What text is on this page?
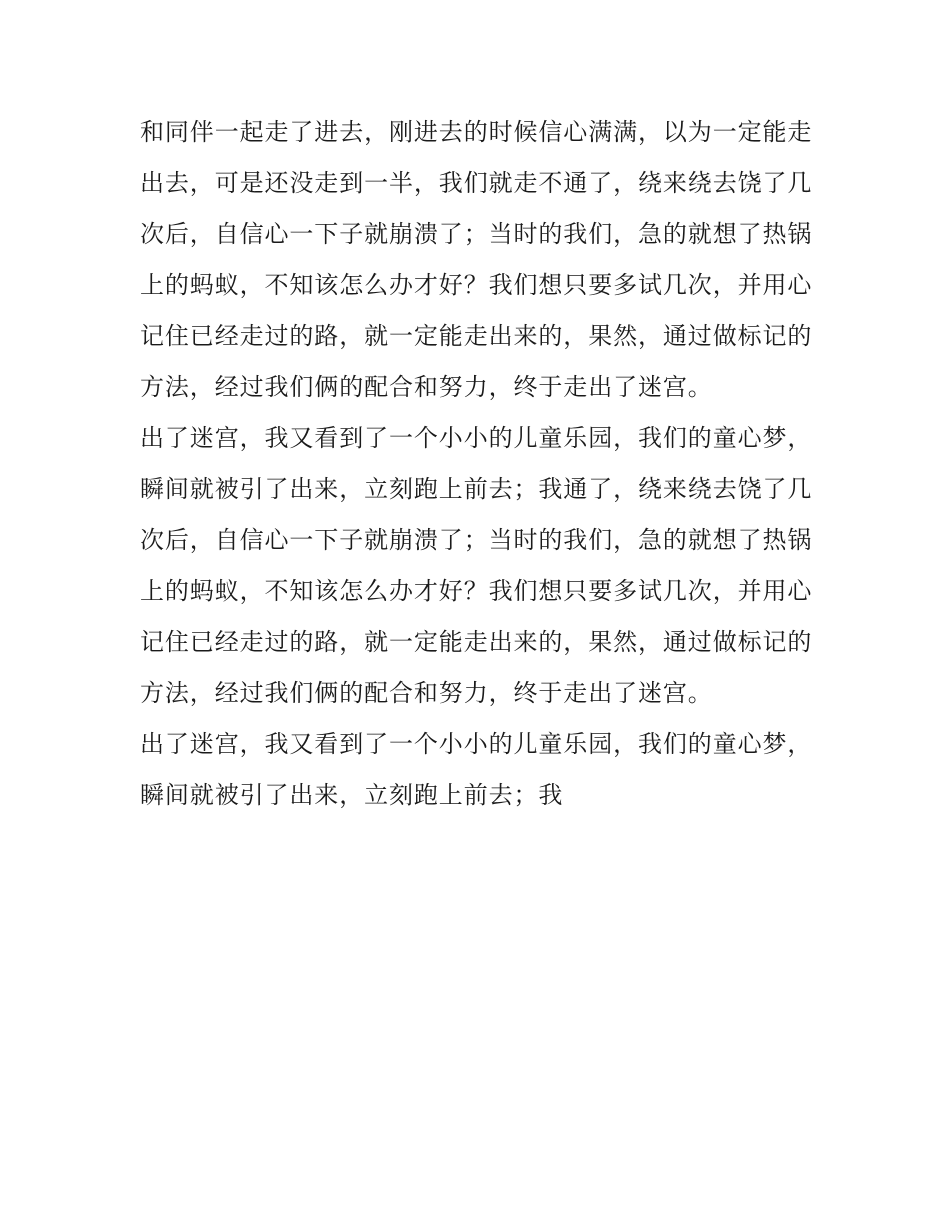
和同伴一起走了进去，刚进去的时候信心满满，以为一定能走
出去，可是还没走到一半，我们就走不通了，绕来绕去饶了几
次后，自信心一下子就崩溃了；当时的我们，急的就想了热锅
上的蚂蚁，不知该怎么办才好？我们想只要多试几次，并用心
记住已经走过的路，就一定能走出来的，果然，通过做标记的
方法，经过我们俩的配合和努力，终于走出了迷宫。
出了迷宫，我又看到了一个小小的儿童乐园，我们的童心梦，
瞬间就被引了出来，立刻跑上前去；我通了，绕来绕去饶了几
次后，自信心一下子就崩溃了；当时的我们，急的就想了热锅
上的蚂蚁，不知该怎么办才好？我们想只要多试几次，并用心
记住已经走过的路，就一定能走出来的，果然，通过做标记的
方法，经过我们俩的配合和努力，终于走出了迷宫。
出了迷宫，我又看到了一个小小的儿童乐园，我们的童心梦，
瞬间就被引了出来，立刻跑上前去；我
